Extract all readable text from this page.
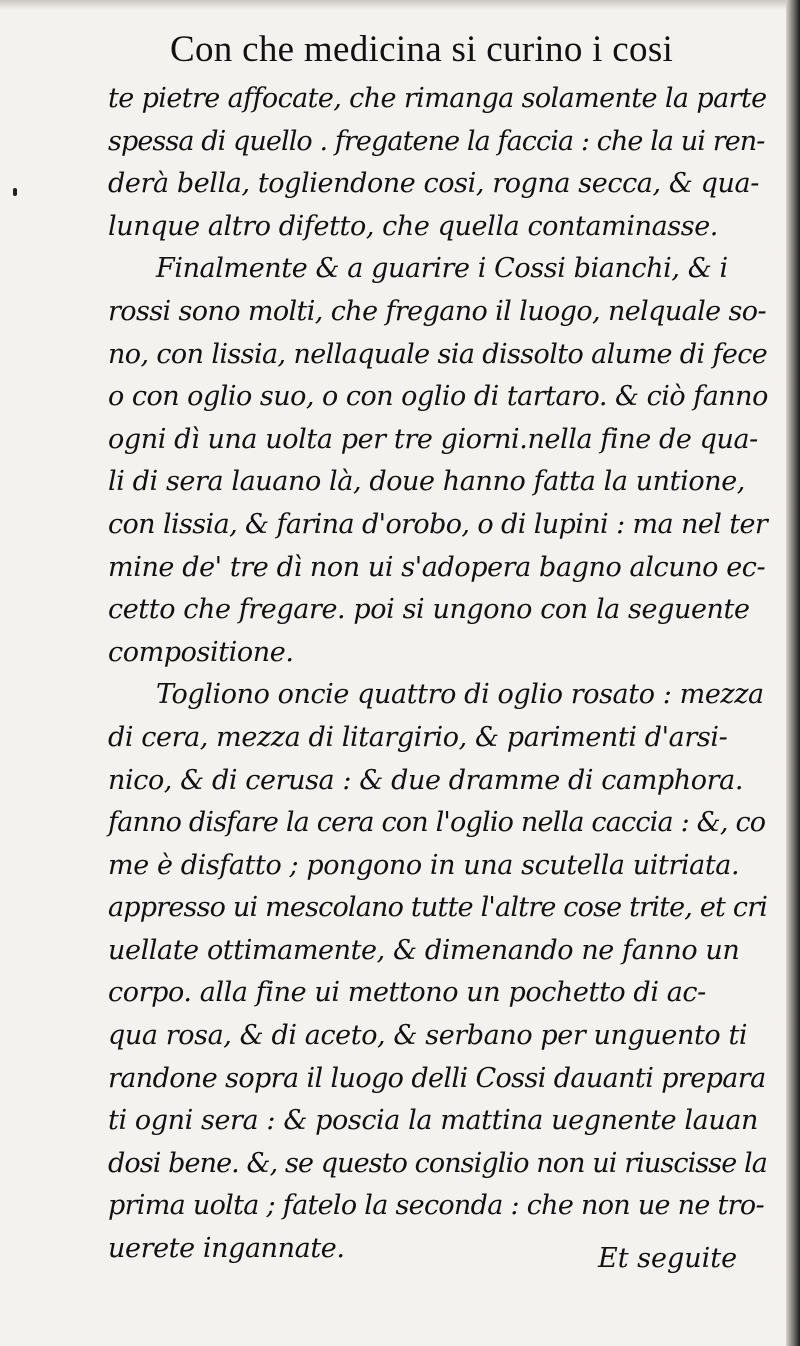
Con che medicina si curino i cosi
te pietre affocate, che rimanga solamente la parte
spessa di quello . fregatene la faccia : che la ui ren-
derà bella, togliendone cosi, rogna secca, & qua-
lunque altro difetto, che quella contaminasse.
Finalmente & a guarire i Cossi bianchi, & i
rossi sono molti, che fregano il luogo, nelquale so-
no, con lissia, nellaquale sia dissolto alume di fece
o con oglio suo, o con oglio di tartaro. & ciò fanno
ogni dì una uolta per tre giorni.nella fine de qua-
li di sera lauano là, doue hanno fatta la untione,
con lissia, & farina d'orobo, o di lupini : ma nel ter
mine de' tre dì non ui s'adopera bagno alcuno ec-
cetto che fregare. poi si ungono con la seguente
compositione.
Togliono oncie quattro di oglio rosato : mezza
di cera, mezza di litargirio, & parimenti d'arsi-
nico, & di cerusa : & due dramme di camphora.
fanno disfare la cera con l'oglio nella caccia : &, co
me è disfatto ; pongono in una scutella uitriata.
appresso ui mescolano tutte l'altre cose trite, et cri
uellate ottimamente, & dimenando ne fanno un
corpo. alla fine ui mettono un pochetto di ac-
qua rosa, & di aceto, & serbano per unguento ti
randone sopra il luogo delli Cossi dauanti prepara
ti ogni sera : & poscia la mattina uegnente lauan
dosi bene. &, se questo consiglio non ui riuscisse la
prima uolta ; fatelo la seconda : che non ue ne tro-
uerete ingannate.	Et seguite
